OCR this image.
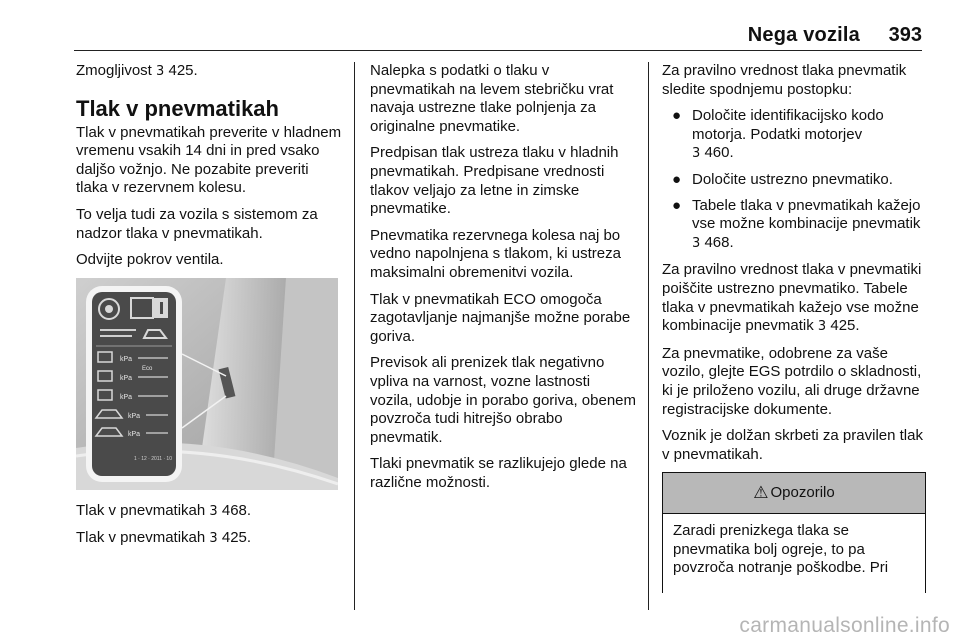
Nega vozila 393

Zmogljivost 3 425.

Tlak v pnevmatikah

Tlak v pnevmatikah preverite v hladnem vremenu vsakih 14 dni in pred vsako daljšo vožnjo. Ne pozabite preveriti tlaka v rezervnem kolesu.

To velja tudi za vozila s sistemom za nadzor tlaka v pnevmatikah.

Odvijte pokrov ventila.

kPa
kPa
kPa
Eco
kPa
kPa
1 · 12 · 2011 · 10

Tlak v pnevmatikah 3 468.

Tlak v pnevmatikah 3 425.

Nalepka s podatki o tlaku v pnevmatikah na levem stebričku vrat navaja ustrezne tlake polnjenja za originalne pnevmatike.

Predpisan tlak ustreza tlaku v hladnih pnevmatikah. Predpisane vrednosti tlakov veljajo za letne in zimske pnevmatike.

Pnevmatika rezervnega kolesa naj bo vedno napolnjena s tlakom, ki ustreza maksimalni obremenitvi vozila.

Tlak v pnevmatikah ECO omogoča zagotavljanje najmanjše možne porabe goriva.

Previsok ali prenizek tlak negativno vpliva na varnost, vozne lastnosti vozila, udobje in porabo goriva, obenem povzroča tudi hitrejšo obrabo pnevmatik.

Tlaki pnevmatik se razlikujejo glede na različne možnosti.

Za pravilno vrednost tlaka pnevmatik sledite spodnjemu postopku:

● Določite identifikacijsko kodo motorja. Podatki motorjev
3 460.
● Določite ustrezno pnevmatiko.
● Tabele tlaka v pnevmatikah kažejo vse možne kombinacije pnevmatik 3 468.

Za pravilno vrednost tlaka v pnevmatiki poiščite ustrezno pnevmatiko. Tabele tlaka v pnevmatikah kažejo vse možne kombinacije pnevmatik 3 425.

Za pnevmatike, odobrene za vaše vozilo, glejte EGS potrdilo o skladnosti, ki je priloženo vozilu, ali druge državne registracijske dokumente.

Voznik je dolžan skrbeti za pravilen tlak v pnevmatikah.

⚠ Opozorilo
Zaradi prenizkega tlaka se pnevmatika bolj ogreje, to pa povzroča notranje poškodbe. Pri
carmanualsonline.info
